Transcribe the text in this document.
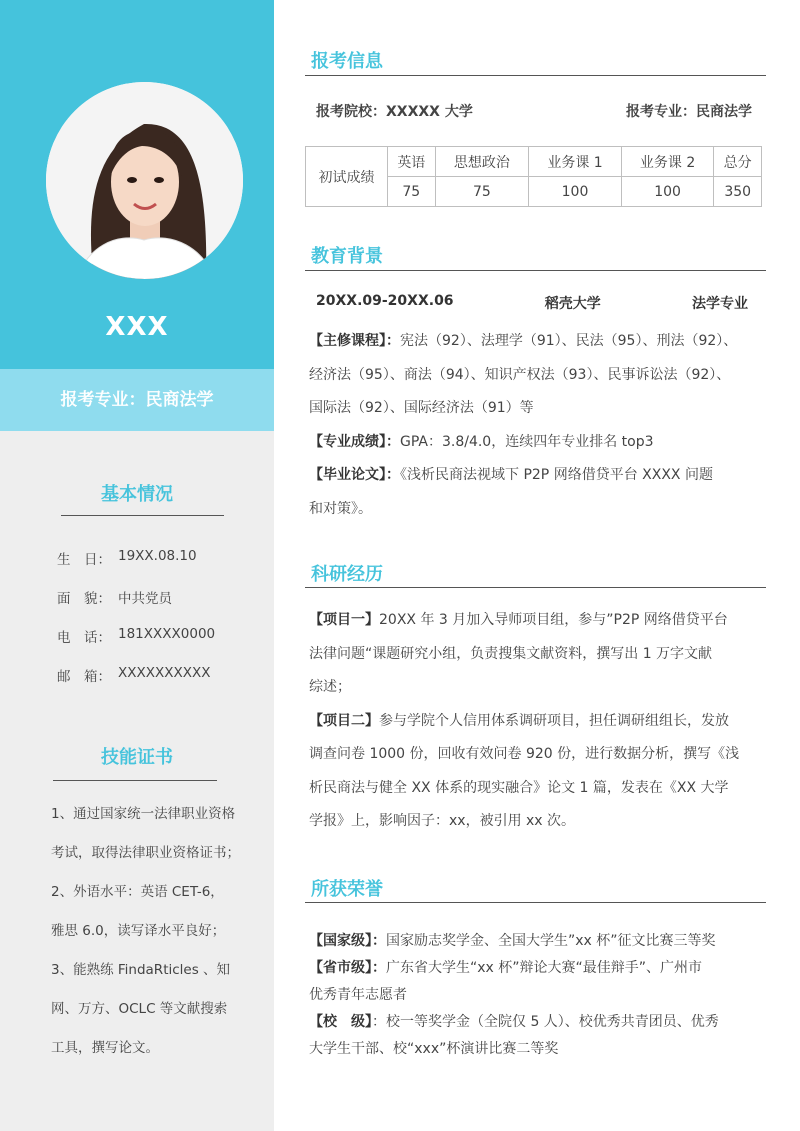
XXX
报考专业：民商法学
基本情况
生　日： 19XX.08.10
面　貌： 中共党员
电　话： 181XXXX0000
邮　箱： XXXXXXXXXX
技能证书
1、通过国家统一法律职业资格
考试，取得法律职业资格证书；
2、外语水平：英语 CET-6，
雅思 6.0，读写译水平良好；
3、能熟练 FindaRticles 、知
网、万方、OCLC 等文献搜索
工具，撰写论文。
报考信息
报考院校：XXXXX 大学	报考专业：民商法学
初试成绩	英语	思想政治	业务课 1	业务课 2	总分
	75	75	100	100	350
教育背景
20XX.09-20XX.06	稻壳大学	法学专业
【主修课程】：宪法（92）、法理学（91）、民法（95）、刑法（92）、
经济法（95）、商法（94）、知识产权法（93）、民事诉讼法（92）、
国际法（92）、国际经济法（91）等
【专业成绩】：GPA：3.8/4.0，连续四年专业排名 top3
【毕业论文】：《浅析民商法视域下 P2P 网络借贷平台 XXXX 问题
和对策》。
科研经历
【项目一】20XX 年 3 月加入导师项目组，参与”P2P 网络借贷平台
法律问题“课题研究小组，负责搜集文献资料，撰写出 1 万字文献
综述；
【项目二】参与学院个人信用体系调研项目，担任调研组组长，发放
调查问卷 1000 份，回收有效问卷 920 份，进行数据分析，撰写《浅
析民商法与健全 XX 体系的现实融合》论文 1 篇，发表在《XX 大学
学报》上，影响因子：xx，被引用 xx 次。
所获荣誉
【国家级】：国家励志奖学金、全国大学生”xx 杯”征文比赛三等奖
【省市级】：广东省大学生“xx 杯”辩论大赛“最佳辩手”、广州市
优秀青年志愿者
【校　级】：校一等奖学金（全院仅 5 人）、校优秀共青团员、优秀
大学生干部、校“xxx”杯演讲比赛二等奖
